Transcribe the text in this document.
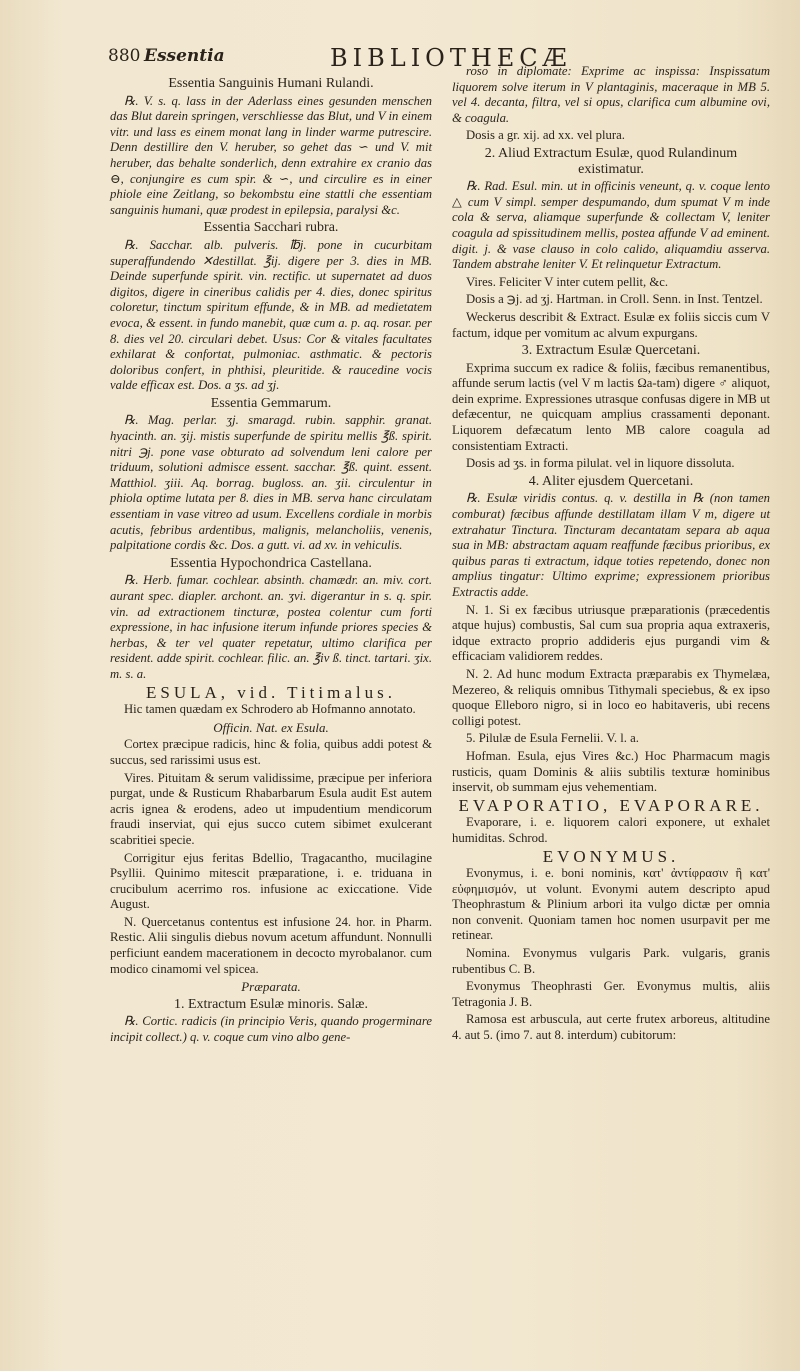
880 Essentia	BIBLIOTHECÆ

Essentia Sanguinis Humani Rulandi.

℞. V. s. q. lass in der Aderlass eines gesunden menschen das Blut darein springen, verschliesse das Blut, und V in einem vitr. und lass es einem monat lang in linder warme putrescire. Denn destillire den V. heruber, so gehet das ∽ und V. mit heruber, das behalte sonderlich, denn extrahire ex cranio das ⊖, conjungire es cum spir. & ∽, und circulire es in einer phiole eine Zeitlang, so bekombstu eine stattli che essentiam sanguinis humani, quæ prodest in epilepsia, paralysi &c.

Essentia Sacchari rubra.

℞. Sacchar. alb. pulveris. ℔j. pone in cucurbitam superaffundendo ✕destillat. ℥ij. digere per 3. dies in MB. Deinde superfunde spirit. vin. rectific. ut supernatet ad duos digitos, digere in cineribus calidis per 4. dies, donec spiritus coloretur, tinctum spiritum effunde, & in MB. ad medietatem evoca, & essent. in fundo manebit, quæ cum a. p. aq. rosar. per 8. dies vel 20. circulari debet. Usus: Cor & vitales facultates exhilarat & confortat, pulmoniac. asthmatic. & pectoris doloribus confert, in phthisi, pleuritide. & raucedine vocis valde efficax est. Dos. a ʒs. ad ʒj.

Essentia Gemmarum.

℞. Mag. perlar. ʒj. smaragd. rubin. sapphir. granat. hyacinth. an. ʒij. mistis superfunde de spiritu mellis ℥ß. spirit. nitri ℈j. pone vase obturato ad solvendum leni calore per triduum, solutioni admisce essent. sacchar. ℥ß. quint. essent. Matthiol. ʒiii. Aq. borrag. bugloss. an. ʒii. circulentur in phiola optime lutata per 8. dies in MB. serva hanc circulatam essentiam in vase vitreo ad usum. Excellens cordiale in morbis acutis, febribus ardentibus, malignis, melancholiis, venenis, palpitatione cordis &c. Dos. a gutt. vi. ad xv. in vehiculis.

Essentia Hypochondrica Castellana.

℞. Herb. fumar. cochlear. absinth. chamædr. an. miv. cort. aurant spec. diapler. archont. an. ʒvi. digerantur in s. q. spir. vin. ad extractionem tincturæ, postea colentur cum forti expressione, in hac infusione iterum infunde priores species & herbas, & ter vel quater repetatur, ultimo clarifica per resident. adde spirit. cochlear. filic. an. ℥iv ß. tinct. tartari. ʒix. m. s. a.

ESULA, vid. Titimalus.

Hic tamen quædam ex Schrodero ab Hofmanno annotato.

Officin. Nat. ex Esula.

Cortex præcipue radicis, hinc & folia, quibus addi potest & succus, sed rarissimi usus est.

Vires. Pituitam & serum validissime, præcipue per inferiora purgat, unde & Rusticum Rhabarbarum Esula audit Est autem acris ignea & erodens, adeo ut impudentium mendicorum fraudi inserviat, qui ejus succo cutem sibimet exulcerant scabritiei specie.

Corrigitur ejus feritas Bdellio, Tragacantho, mucilagine Psyllii. Quinimo mitescit præparatione, i. e. triduana in crucibulum acerrimo ros. infusione ac exiccatione. Vide August.

N. Quercetanus contentus est infusione 24. hor. in Pharm. Restic. Alii singulis diebus novum acetum affundunt. Nonnulli perficiunt eandem macerationem in decocto myrobalanor. cum modico cinamomi vel spicea.

Præparata.

1. Extractum Esulæ minoris. Salæ.

℞. Cortic. radicis (in principio Veris, quando progerminare incipit collect.) q. v. coque cum vino albo gene-

roso in diplomate: Exprime ac inspissa: Inspissatum liquorem solve iterum in V plantaginis, maceraque in MB 5. vel 4. decanta, filtra, vel si opus, clarifica cum albumine ovi, & coagula.

Dosis a gr. xij. ad xx. vel plura.

2. Aliud Extractum Esulæ, quod Rulandinum existimatur.

℞. Rad. Esul. min. ut in officinis veneunt, q. v. coque lento △ cum V simpl. semper despumando, dum spumat V m inde cola & serva, aliamque superfunde & collectam V, leniter coagula ad spissitudinem mellis, postea affunde V ad eminent. digit. j. & vase clauso in colo calido, aliquamdiu asserva. Tandem abstrahe leniter V. Et relinquetur Extractum.

Vires. Feliciter V inter cutem pellit, &c.

Dosis a ℈j. ad ʒj. Hartman. in Croll. Senn. in Inst. Tentzel.

Weckerus describit & Extract. Esulæ ex foliis siccis cum V factum, idque per vomitum ac alvum expurgans.

3. Extractum Esulæ Quercetani.

Exprima succum ex radice & foliis, fæcibus remanentibus, affunde serum lactis (vel V m lactis Ωa-tam) digere ♂ aliquot, dein exprime. Expressiones utrasque confusas digere in MB ut defæcentur, ne quicquam amplius crassamenti deponant. Liquorem defæcatum lento MB calore coagula ad consistentiam Extracti.

Dosis ad ʒs. in forma pilulat. vel in liquore dissoluta.

4. Aliter ejusdem Quercetani.

℞. Esulæ viridis contus. q. v. destilla in ℞ (non tamen comburat) fæcibus affunde destillatam illam V m, digere ut extrahatur Tinctura. Tincturam decantatam separa ab aqua sua in MB: abstractam aquam reaffunde fæcibus prioribus, ex quibus paras ti extractum, idque toties repetendo, donec non amplius tingatur: Ultimo exprime; expressionem prioribus Extractis adde.

N. 1. Si ex fæcibus utriusque præparationis (præcedentis atque hujus) combustis, Sal cum sua propria aqua extraxeris, idque extracto proprio addideris ejus purgandi vim & efficaciam validiorem reddes.

N. 2. Ad hunc modum Extracta præparabis ex Thymelæa, Mezereo, & reliquis omnibus Tithymali speciebus, & ex ipso quoque Elleboro nigro, si in loco eo habitaveris, ubi recens colligi potest.

5. Pilulæ de Esula Fernelii. V. l. a.

Hofman. Esula, ejus Vires &c.) Hoc Pharmacum magis rusticis, quam Dominis & aliis subtilis texturæ hominibus inservit, ob summam ejus vehementiam.

EVAPORATIO, EVAPORARE.

Evaporare, i. e. liquorem calori exponere, ut exhalet humiditas. Schrod.

EVONYMUS.

Evonymus, i. e. boni nominis, κατ' ἀντίφρασιν ἢ κατ' εὐφημισμόν, ut volunt. Evonymi autem descripto apud Theophrastum & Plinium arbori ita vulgo dictæ per omnia non convenit. Quoniam tamen hoc nomen usurpavit per me retinear.

Nomina. Evonymus vulgaris Park. vulgaris, granis rubentibus C. B.

Evonymus Theophrasti Ger. Evonymus multis, aliis Tetragonia J. B.

Ramosa est arbuscula, aut certe frutex arboreus, altitudine 4. aut 5. (imo 7. aut 8. interdum) cubitorum:
